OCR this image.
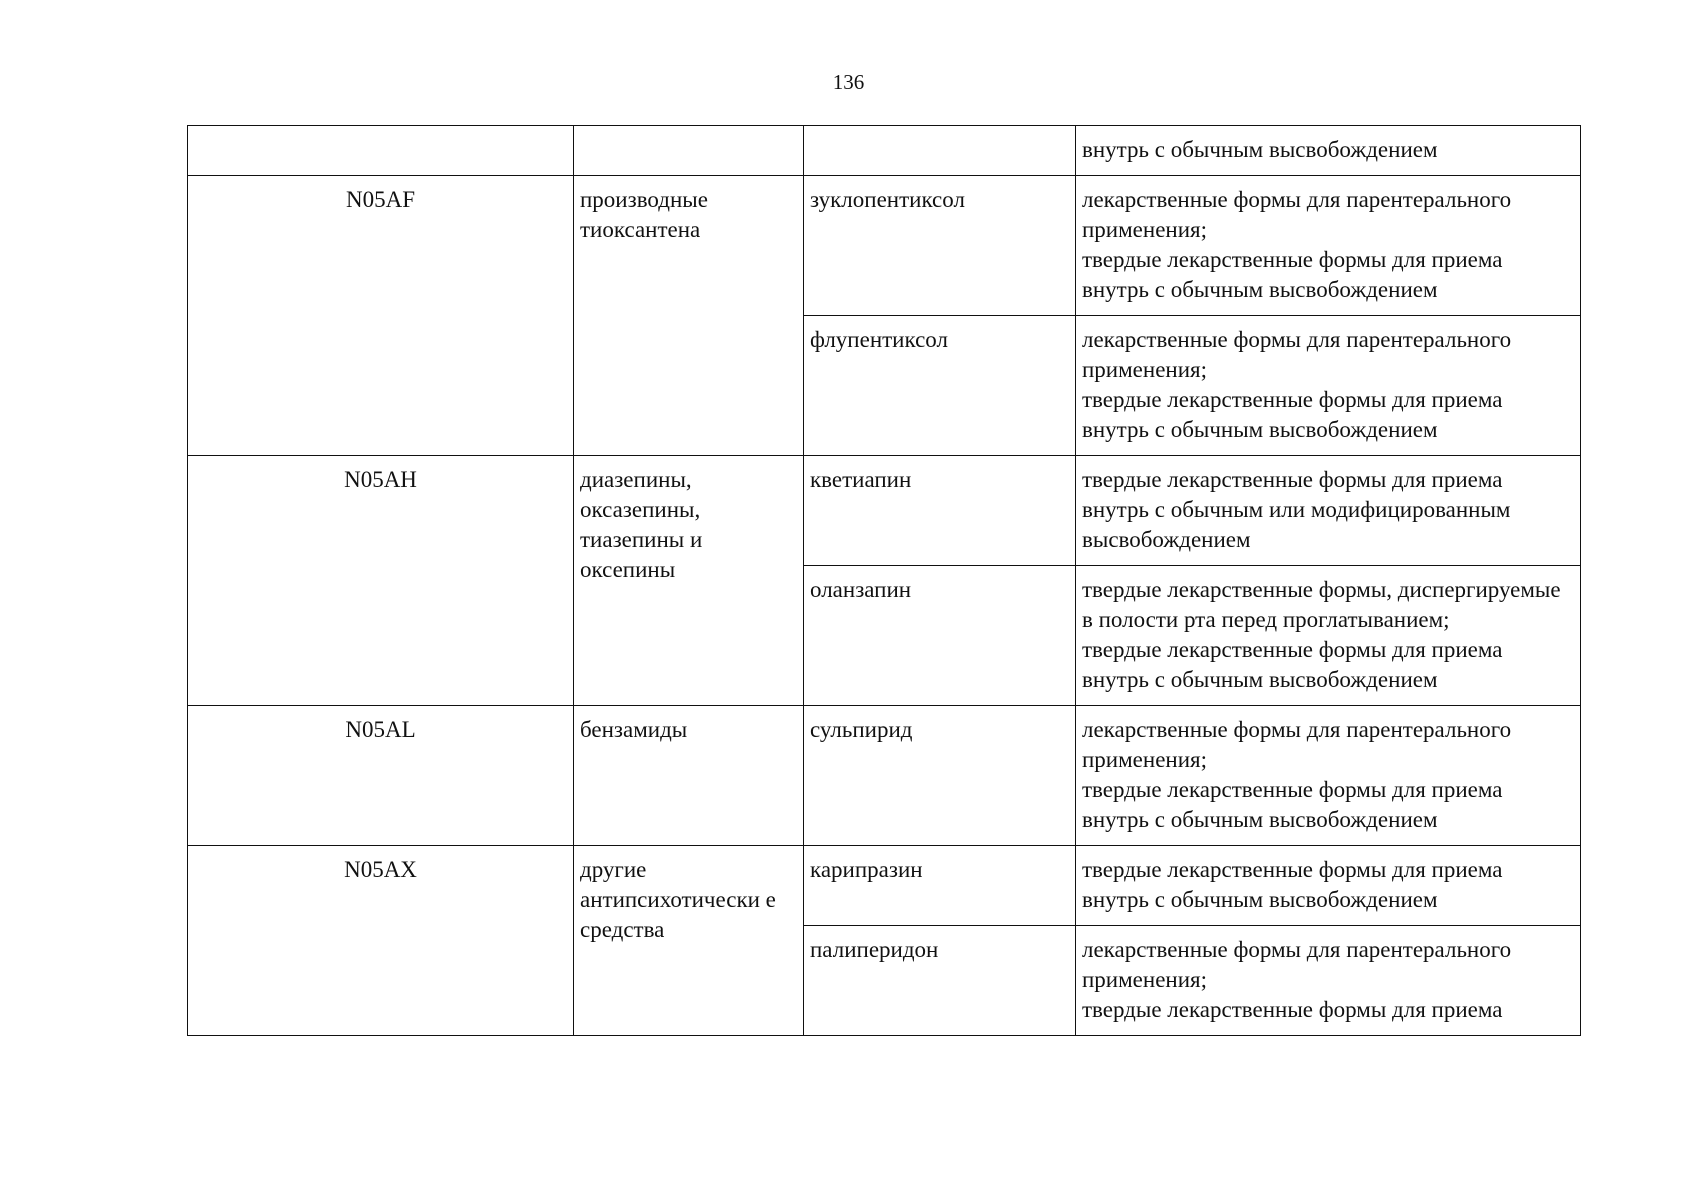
136

			внутрь с обычным высвобождением

N05AF	производные тиоксантена	зуклопентиксол	лекарственные формы для парентерального применения;
твердые лекарственные формы для приема внутрь с обычным высвобождением

		флупентиксол	лекарственные формы для парентерального применения;
твердые лекарственные формы для приема внутрь с обычным высвобождением

N05AH	диазепины, оксазепины, тиазепины и оксепины	кветиапин	твердые лекарственные формы для приема внутрь с обычным или модифицированным высвобождением

		оланзапин	твердые лекарственные формы, диспергируемые в полости рта перед проглатыванием;
твердые лекарственные формы для приема внутрь с обычным высвобождением

N05AL	бензамиды	сульпирид	лекарственные формы для парентерального применения;
твердые лекарственные формы для приема внутрь с обычным высвобождением

N05AX	другие антипсихотически е средства	карипразин	твердые лекарственные формы для приема внутрь с обычным высвобождением

		палиперидон	лекарственные формы для парентерального применения;
твердые лекарственные формы для приема
